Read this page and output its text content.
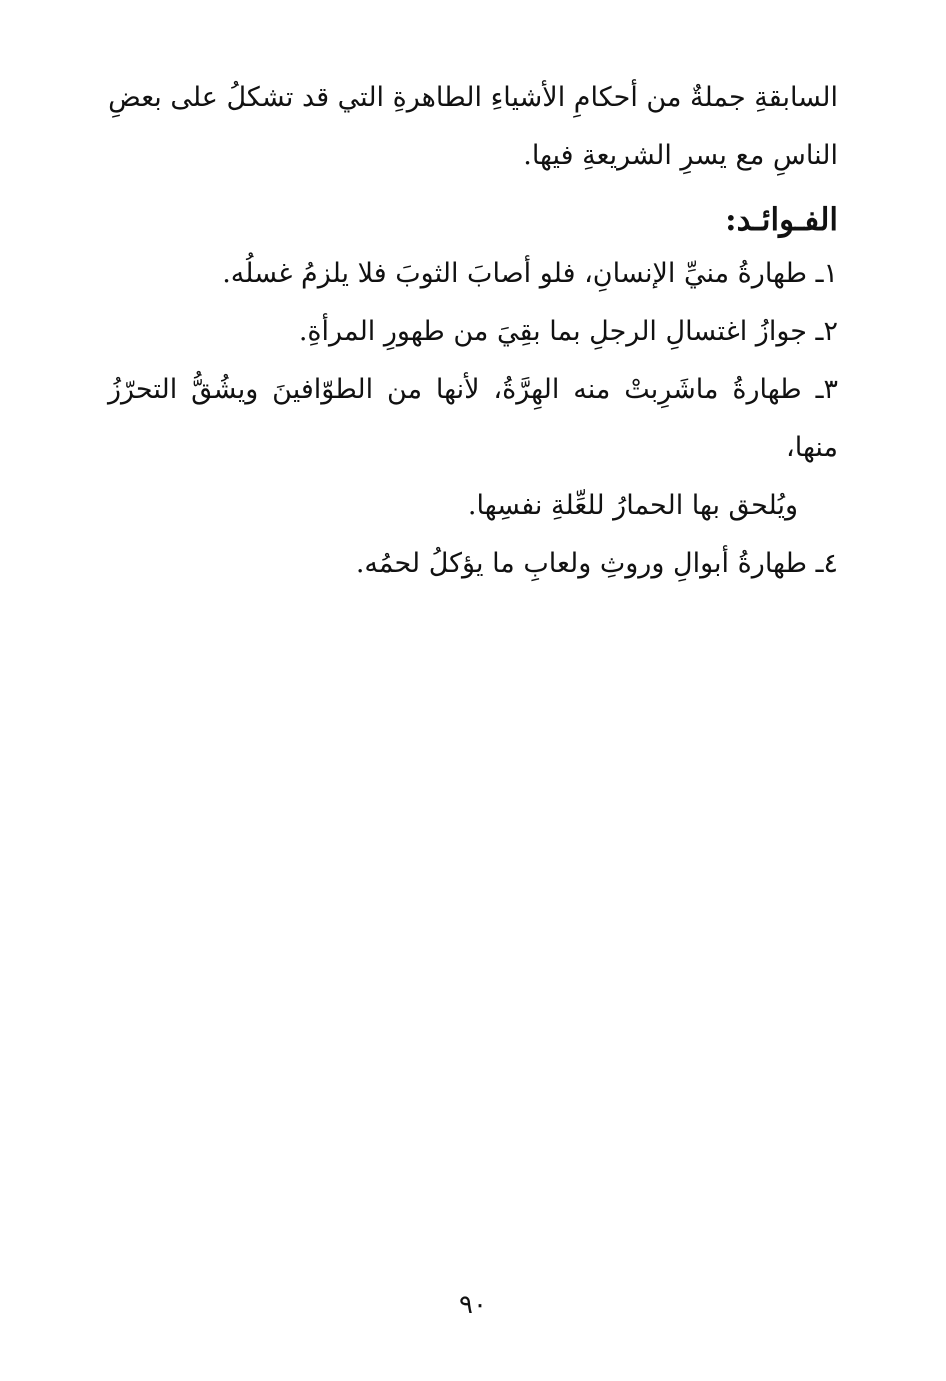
السابقةِ جملةٌ من أحكامِ الأشياءِ الطاهرةِ التي قد تشكلُ على بعضِ
الناسِ مع يسرِ الشريعةِ فيها.
الفـوائـد:
١ـ طهارةُ منيِّ الإنسانِ، فلو أصابَ الثوبَ فلا يلزمُ غسلُه.
٢ـ جوازُ اغتسالِ الرجلِ بما بقِيَ من طهورِ المرأةِ.
٣ـ طهارةُ ماشَرِبتْ منه الهِرَّةُ، لأنها من الطوّافينَ ويشُقُّ التحرّزُ منها،
ويُلحق بها الحمارُ للعِّلةِ نفسِها.
٤ـ طهارةُ أبوالِ وروثِ ولعابِ ما يؤكلُ لحمُه.
٩٠
